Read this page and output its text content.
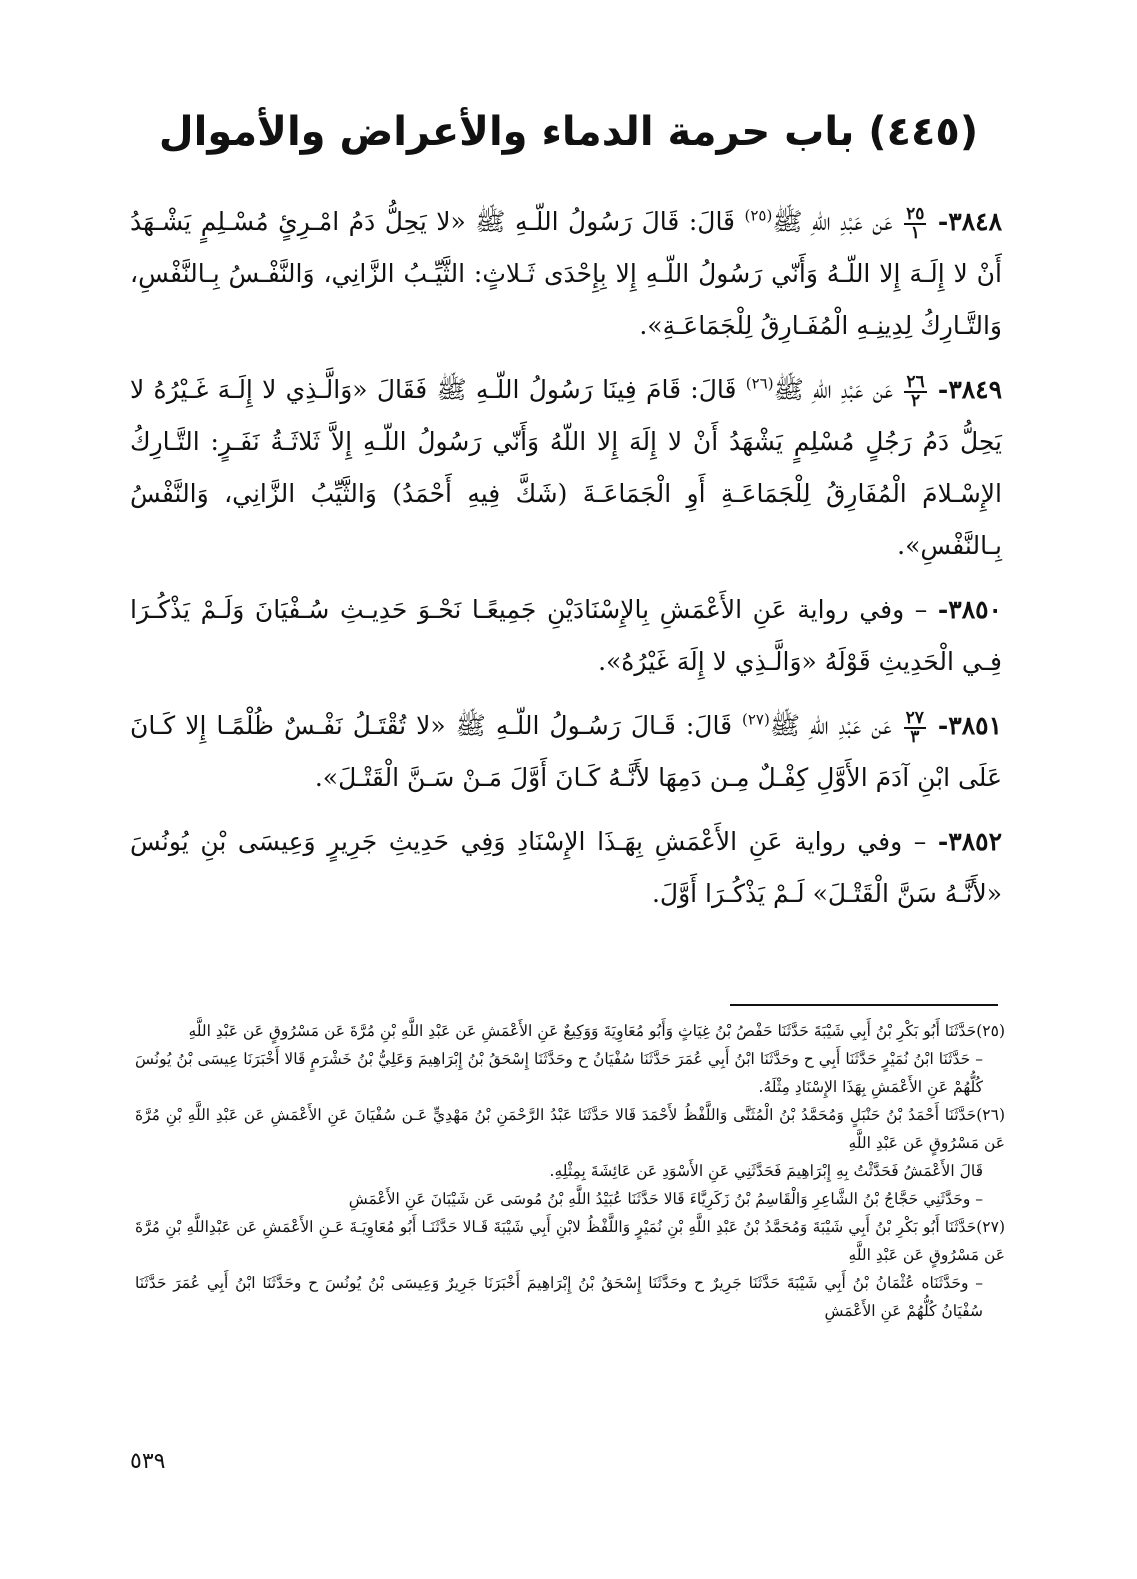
(٤٤٥) باب حرمة الدماء والأعراض والأموال

٣٨٤٨-
$\frac{٢٥}{١}$
عَن عَبْدِ اللّهِ ﷺ$^{(٢٥)}$ قَالَ: قَالَ رَسُولُ اللّـهِ ﷺ «لا يَحِلُّ دَمُ امْـرِئٍ مُسْـلِمٍ يَشْـهَدُ أَنْ لا إِلَـهَ إِلا اللّـهُ وَأَنّي رَسُولُ اللّـهِ إِلا بِإِحْدَى ثَـلاثٍ: الثَّيِّـبُ الزَّانِي، وَالنَّفْـسُ بِـالنَّفْسِ، وَالتَّـارِكُ لِدِينِـهِ الْمُفَـارِقُ لِلْجَمَاعَـةِ».

٣٨٤٩-
$\frac{٢٦}{٢}$
عَن عَبْدِ اللّهِ ﷺ$^{(٢٦)}$ قَالَ: قَامَ فِينَا رَسُولُ اللّـهِ ﷺ فَقَالَ «وَالَّـذِي لا إِلَـهَ غَـيْرُهُ لا يَحِلُّ دَمُ رَجُلٍ مُسْلِمٍ يَشْهَدُ أَنْ لا إِلَهَ إِلا اللّهُ وَأَنّي رَسُولُ اللّـهِ إِلاَّ ثَلاثَـةُ نَفَـرٍ: التَّـارِكُ الإِسْـلامَ الْمُفَارِقُ لِلْجَمَاعَـةِ أَوِ الْجَمَاعَـةَ (شَكَّ فِيهِ أَحْمَدُ) وَالثَّيِّبُ الزَّانِي، وَالنَّفْسُ بِـالنَّفْسِ».

٣٨٥٠- – وفي رواية عَنِ الأَعْمَشِ بِالإِسْنَادَيْنِ جَمِيعًـا نَحْـوَ حَدِيـثِ سُـفْيَانَ وَلَـمْ يَذْكُـرَا فِـي الْحَدِيثِ قَوْلَهُ «وَالَّـذِي لا إِلَهَ غَيْرُهُ».

٣٨٥١-
$\frac{٢٧}{٣}$
عَن عَبْدِ اللّهِ ﷺ$^{(٢٧)}$ قَالَ: قَـالَ رَسُـولُ اللّـهِ ﷺ «لا تُقْتَـلُ نَفْـسٌ ظُلْمًـا إِلا كَـانَ عَلَى ابْنِ آدَمَ الأَوَّلِ كِفْـلٌ مِـن دَمِهَا لأَنَّـهُ كَـانَ أَوَّلَ مَـنْ سَـنَّ الْقَتْـلَ».

٣٨٥٢- – وفي رواية عَنِ الأَعْمَشِ بِهَـذَا الإِسْنَادِ وَفِي حَدِيثِ جَرِيرٍ وَعِيسَى بْنِ يُونُسَ «لأَنَّـهُ سَنَّ الْقَتْـلَ» لَـمْ يَذْكُـرَا أَوَّلَ.

(٢٥)حَدَّثَنَا أَبُو بَكْرِ بْنُ أَبِي شَيْبَةَ حَدَّثَنَا حَفْصُ بْنُ غِيَاثٍ وَأَبُو مُعَاوِيَةَ وَوَكِيعٌ عَنِ الأَعْمَشِ عَن عَبْدِ اللَّهِ بْنِ مُرَّةَ عَن مَسْرُوقٍ عَن عَبْدِ اللَّهِ

– حَدَّثَنَا ابْنُ نُمَيْرٍ حَدَّثَنَا أَبِي ح وحَدَّثَنَا ابْنُ أَبِي عُمَرَ حَدَّثَنَا سُفْيَانُ ح وحَدَّثَنَا إِسْحَقُ بْنُ إِبْرَاهِيمَ وَعَلِيُّ بْنُ خَشْرَمٍ قَالا أَخْبَرَنَا عِيسَى بْنُ يُونُسَ كُلُّهُمْ عَنِ الأَعْمَشِ بِهَذَا الإِسْنَادِ مِثْلَهُ.

(٢٦)حَدَّثَنَا أَحْمَدُ بْنُ حَنْبَلٍ وَمُحَمَّدُ بْنُ الْمُثَنَّى وَاللَّفْظُ لأَحْمَدَ قَالا حَدَّثَنَا عَبْدُ الرَّحْمَنِ بْنُ مَهْدِيٍّ عَـن سُفْيَانَ عَنِ الأَعْمَشِ عَن عَبْدِ اللَّهِ بْنِ مُرَّةَ عَن مَسْرُوقٍ عَن عَبْدِ اللَّهِ

قَالَ الأَعْمَشُ فَحَدَّثْتُ بِهِ إِبْرَاهِيمَ فَحَدَّثَنِي عَنِ الأَسْوَدِ عَن عَائِشَةَ بِمِثْلِهِ.

– وحَدَّثَنِي حَجَّاجُ بْنُ الشَّاعِرِ وَالْقَاسِمُ بْنُ زَكَرِيَّاءَ قَالا حَدَّثَنَا عُبَيْدُ اللَّهِ بْنُ مُوسَى عَن شَيْبَانَ عَنِ الأَعْمَشِ

(٢٧)حَدَّثَنَا أَبُو بَكْرِ بْنُ أَبِي شَيْبَةَ وَمُحَمَّدُ بْنُ عَبْدِ اللَّهِ بْنِ نُمَيْرٍ وَاللَّفْظُ لابْنِ أَبِي شَيْبَةَ قَـالا حَدَّثَنَـا أَبُو مُعَاوِيَـةَ عَـنِ الأَعْمَشِ عَن عَبْدِاللَّهِ بْنِ مُرَّةَ عَن مَسْرُوقٍ عَن عَبْدِ اللَّهِ

– وحَدَّثَنَاه عُثْمَانُ بْنُ أَبِي شَيْبَةَ حَدَّثَنَا جَرِيرٌ ح وحَدَّثَنَا إِسْحَقُ بْنُ إِبْرَاهِيمَ أَخْبَرَنَا جَرِيرٌ وَعِيسَى بْنُ يُونُسَ ح وحَدَّثَنَا ابْنُ أَبِي عُمَرَ حَدَّثَنَا سُفْيَانُ كُلُّهُمْ عَنِ الأَعْمَشِ

٥٣٩
